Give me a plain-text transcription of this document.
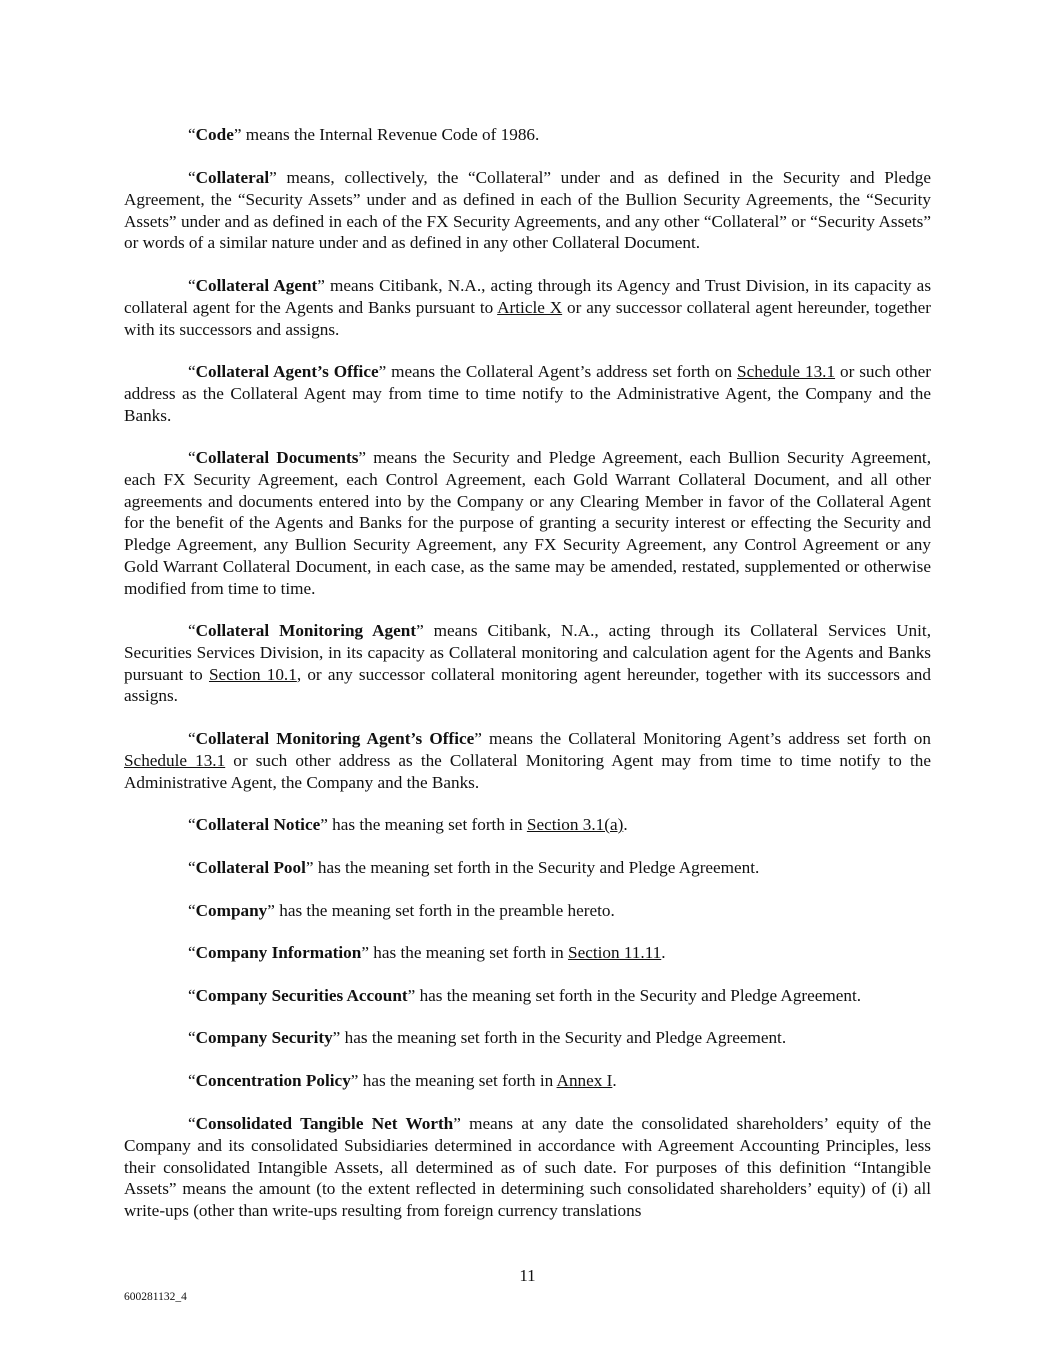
“Code” means the Internal Revenue Code of 1986.

“Collateral” means, collectively, the “Collateral” under and as defined in the Security and Pledge Agreement, the “Security Assets” under and as defined in each of the Bullion Security Agreements, the “Security Assets” under and as defined in each of the FX Security Agreements, and any other “Collateral” or “Security Assets” or words of a similar nature under and as defined in any other Collateral Document.

“Collateral Agent” means Citibank, N.A., acting through its Agency and Trust Division, in its capacity as collateral agent for the Agents and Banks pursuant to Article X or any successor collateral agent hereunder, together with its successors and assigns.

“Collateral Agent’s Office” means the Collateral Agent’s address set forth on Schedule 13.1 or such other address as the Collateral Agent may from time to time notify to the Administrative Agent, the Company and the Banks.

“Collateral Documents” means the Security and Pledge Agreement, each Bullion Security Agreement, each FX Security Agreement, each Control Agreement, each Gold Warrant Collateral Document, and all other agreements and documents entered into by the Company or any Clearing Member in favor of the Collateral Agent for the benefit of the Agents and Banks for the purpose of granting a security interest or effecting the Security and Pledge Agreement, any Bullion Security Agreement, any FX Security Agreement, any Control Agreement or any Gold Warrant Collateral Document, in each case, as the same may be amended, restated, supplemented or otherwise modified from time to time.

“Collateral Monitoring Agent” means Citibank, N.A., acting through its Collateral Services Unit, Securities Services Division, in its capacity as Collateral monitoring and calculation agent for the Agents and Banks pursuant to Section 10.1, or any successor collateral monitoring agent hereunder, together with its successors and assigns.

“Collateral Monitoring Agent’s Office” means the Collateral Monitoring Agent’s address set forth on Schedule 13.1 or such other address as the Collateral Monitoring Agent may from time to time notify to the Administrative Agent, the Company and the Banks.

“Collateral Notice” has the meaning set forth in Section 3.1(a).

“Collateral Pool” has the meaning set forth in the Security and Pledge Agreement.

“Company” has the meaning set forth in the preamble hereto.

“Company Information” has the meaning set forth in Section 11.11.

“Company Securities Account” has the meaning set forth in the Security and Pledge Agreement.

“Company Security” has the meaning set forth in the Security and Pledge Agreement.

“Concentration Policy” has the meaning set forth in Annex I.

“Consolidated Tangible Net Worth” means at any date the consolidated shareholders’ equity of the Company and its consolidated Subsidiaries determined in accordance with Agreement Accounting Principles, less their consolidated Intangible Assets, all determined as of such date. For purposes of this definition “Intangible Assets” means the amount (to the extent reflected in determining such consolidated shareholders’ equity) of (i) all write-ups (other than write-ups resulting from foreign currency translations

11
600281132_4
